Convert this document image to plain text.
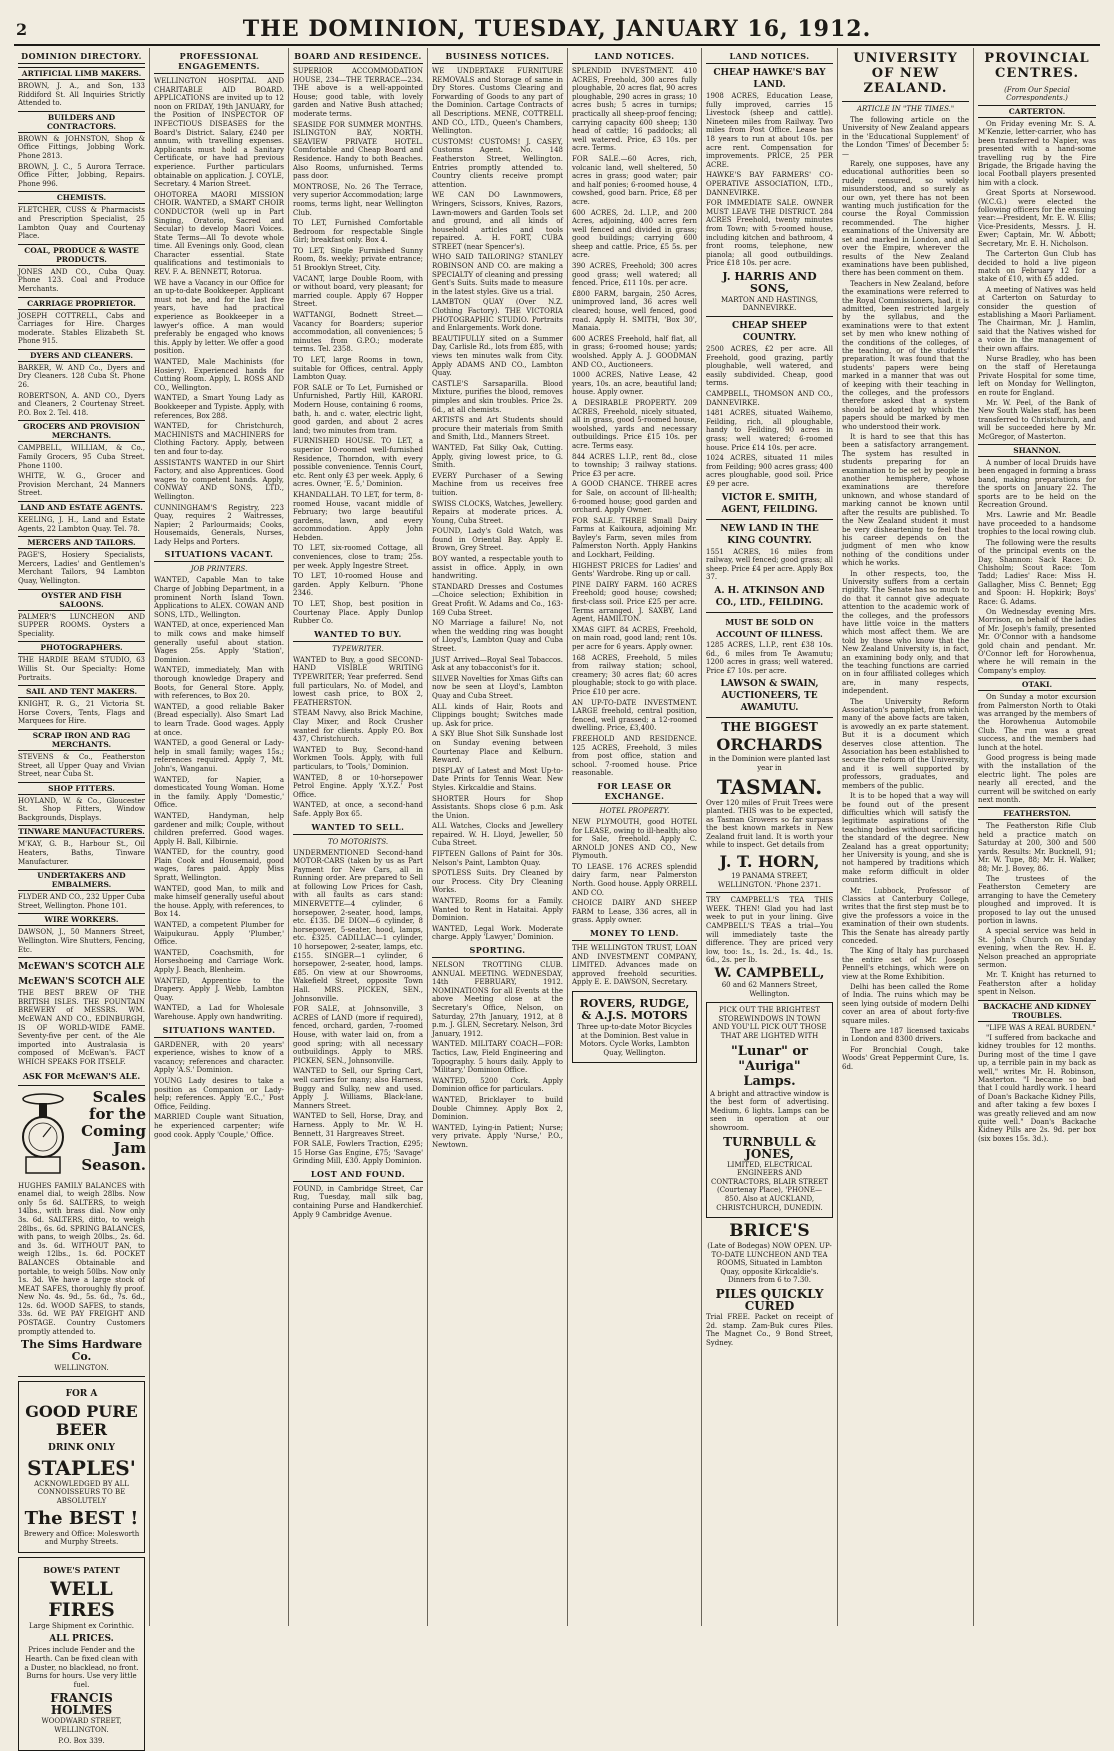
2	THE DOMINION, TUESDAY, JANUARY 16, 1912.
DOMINION DIRECTORY.
ARTIFICIAL LIMB MAKERS.

BROWN, J. A., and Son, 133 Riddiford St. All Inquiries Strictly Attended to.

BUILDERS AND CONTRACTORS.

BROWN & JOHNSTON, Shop & Office Fittings, Jobbing Work. Phone 2813.

BROWN, J. C., 5 Aurora Terrace. Office Fitter, Jobbing, Repairs. Phone 996.

CHEMISTS.

FLETCHER, CUSS & Pharmacists and Prescription Specialist, 25 Lambton Quay and Courtenay Place.

COAL, PRODUCE & WASTE PRODUCTS.

JONES AND CO., Cuba Quay. Phone 123. Coal and Produce Merchants.

CARRIAGE PROPRIETOR.

JOSEPH COTTRELL, Cabs and Carriages for Hire. Charges moderate. Stables Elizabeth St. Phone 915.

DYERS AND CLEANERS.

BARKER, W. AND Co., Dyers and Dry Cleaners. 128 Cuba St. Phone 26.

ROBERTSON, A. AND CO., Dyers and Cleaners, 2 Courtenay Street. P.O. Box 2. Tel. 418.

GROCERS AND PROVISION MERCHANTS.

CAMPBELL, WILLIAM, & Co., Family Grocers, 95 Cuba Street. Phone 1100.

WHITE, W. G., Grocer and Provision Merchant, 24 Manners Street.

LAND AND ESTATE AGENTS.

KEELING, J. H., Land and Estate Agents, 22 Lambton Quay. Tel. 78.

MERCERS AND TAILORS.

PAGE'S, Hosiery Specialists, Mercers, Ladies' and Gentlemen's Merchant Tailors, 94 Lambton Quay, Wellington.

OYSTER AND FISH SALOONS.

PALMER'S LUNCHEON AND SUPPER ROOMS. Oysters a Speciality.

PHOTOGRAPHERS.

THE HARDIE BEAM STUDIO, 63 Willis St. Our Specialty: Home Portraits.

SAIL AND TENT MAKERS.

KNIGHT, R. G., 21 Victoria St. Horse Covers, Tents, Flags and Marquees for Hire.

SCRAP IRON AND RAG MERCHANTS.

STEVENS & Co., Featherston Street, all Upper Quay and Vivian Street, near Cuba St.

SHOP FITTERS.

HOYLAND, W. & Co., Gloucester St. Shop Fitters, Window Backgrounds, Displays.

TINWARE MANUFACTURERS.

M'KAY, G. B., Harbour St., Oil Heaters, Baths, Tinware Manufacturer.

UNDERTAKERS AND EMBALMERS.

FLYDER AND CO., 232 Upper Cuba Street, Wellington. Phone 101.

WIRE WORKERS.

DAWSON, J., 50 Manners Street, Wellington. Wire Shutters, Fencing, Etc.

McEWAN'S SCOTCH ALE
McEWAN'S SCOTCH ALE

THE BEST BREW OF THE BRITISH ISLES. THE FOUNTAIN BREWERY of MESSRS. WM. McEWAN AND CO., EDINBURGH, IS OF WORLD-WIDE FAME. Seventy-five per cent. of the Ale imported into Australasia is composed of McEwan's. FACT WHICH SPEAKS FOR ITSELF.

ASK FOR McEWAN'S ALE.
Scales
for the
Coming
Jam
Season.

HUGHES FAMILY BALANCES with enamel dial, to weigh 28lbs. Now only 5s 6d. SALTERS, to weigh 14lbs., with brass dial. Now only 3s. 6d. SALTERS, ditto, to weigh 28lbs., 6s. 6d. SPRING BALANCES, with pans, to weigh 20lbs., 2s. 6d. and 3s. 6d. WITHOUT PAN, to weigh 12lbs., 1s. 6d. POCKET BALANCES Obtainable and portable, to weigh 50lbs. Now only 1s. 3d. We have a large stock of MEAT SAFES, thoroughly fly proof. New No. 4s. 9d., 5s. 6d., 7s. 6d., 12s. 6d. WOOD SAFES, to stands, 33s. 6d. WE PAY FREIGHT AND POSTAGE. Country Customers promptly attended to.

The Sims Hardware Co.
WELLINGTON.
FOR A
GOOD PURE BEER
DRINK ONLY
STAPLES'

ACKNOWLEDGED BY ALL CONNOISSEURS TO BE ABSOLUTELY

The BEST !

Brewery and Office: Molesworth and Murphy Streets.

BOWE'S PATENT
WELL FIRES
Large Shipment ex Corinthic.
ALL PRICES.

Prices include Fender and the Hearth. Can be fixed clean with a Duster, no blacklead, no front. Burns for hours. Use very little fuel.

FRANCIS HOLMES
WOODWARD STREET, WELLINGTON.
P.O. Box 339.
PROFESSIONAL ENGAGEMENTS.

WELLINGTON HOSPITAL AND CHARITABLE AID BOARD. APPLICATIONS are invited up to 12 noon on FRIDAY, 19th JANUARY, for the Position of INSPECTOR OF INFECTIOUS DISEASES for the Board's District. Salary, £240 per annum, with travelling expenses. Applicants must hold a Sanitary Certificate, or have had previous experience. Further particulars obtainable on application. J. COYLE, Secretary. 4 Marion Street.

OHOTOREA MAORI MISSION CHOIR. WANTED, a SMART CHOIR CONDUCTOR (well up in Part Singing, Oratorio, Sacred and Secular) to develop Maori Voices. State Terms—All To devote whole time. All Evenings only. Good, clean Character essential. State qualifications and testimonials to REV. F. A. BENNETT, Rotorua.

WE have a Vacancy in our Office for an up-to-date Bookkeeper. Applicant must not be, and for the last five years, have had practical experience as Bookkeeper in a lawyer's office. A man would preferably be engaged who knows this. Apply by letter. We offer a good position.

WANTED, Male Machinists (for Hosiery). Experienced hands for Cutting Room. Apply, L. ROSS AND CO., Wellington.

WANTED, a Smart Young Lady as Bookkeeper and Typiste. Apply, with references, Box 288.

WANTED, for Christchurch, MACHINISTS and MACHINERS for Clothing Factory. Apply, between ten and four to-day.

ASSISTANTS WANTED in our Shirt Factory, and also Apprentices. Good wages to competent hands. Apply, CONWAY AND SONS, LTD., Wellington.

CUNNINGHAM'S Registry, 223 Quay, requires 2 Waitresses, Napier; 2 Parlourmaids; Cooks, Housemaids, Generals, Nurses, Lady Helps and Porters.

SITUATIONS VACANT.
JOB PRINTERS.

WANTED, Capable Man to take Charge of Jobbing Department, in a prominent North Island Town. Applications to ALEX. COWAN AND SONS, LTD., Wellington.

WANTED, at once, experienced Man to milk cows and make himself generally useful about station. Wages 25s. Apply 'Station', Dominion.

WANTED, immediately, Man with thorough knowledge Drapery and Boots, for General Store. Apply, with references, to Box 20.

WANTED, a good reliable Baker (Bread especially). Also Smart Lad to learn Trade. Good wages. Apply at once.

WANTED, a good General or Lady-help in small family; wages 15s.; references required. Apply 7, Mt. John's, Wanganui.

WANTED, for Napier, a domesticated Young Woman. Home in the family. Apply 'Domestic,' Office.

WANTED, Handyman, help gardener and milk; Couple, without children preferred. Good wages. Apply H. Ball, Kilbirnie.

WANTED, for the country, good Plain Cook and Housemaid, good wages, fares paid. Apply Miss Spratt, Wellington.

WANTED, good Man, to milk and make himself generally useful about the house. Apply, with references, to Box 14.

WANTED, a competent Plumber for Waipukurau. Apply 'Plumber,' Office.

WANTED, Coachsmith, for Horseshoeing and Carriage Work. Apply J. Beach, Blenheim.

WANTED, Apprentice to the Drapery. Apply J. Webb, Lambton Quay.

WANTED, a Lad for Wholesale Warehouse. Apply own handwriting.

SITUATIONS WANTED.

GARDENER, with 20 years' experience, wishes to know of a vacancy; references and character. Apply 'A.S.' Dominion.

YOUNG Lady desires to take a position as Companion or Lady-help; references. Apply 'E.C.,' Post Office, Feilding.

MARRIED Couple want Situation, he experienced carpenter; wife good cook. Apply 'Couple,' Office.

BOARD AND RESIDENCE.

SUPERIOR ACCOMMODATION HOUSE, 234—THE TERRACE—234. THE above is a well-appointed House; good table, with lovely garden and Native Bush attached; moderate terms.

SEASIDE FOR SUMMER MONTHS. ISLINGTON BAY, NORTH. SEAVIEW PRIVATE HOTEL. Comfortable and Cheap Board and Residence. Handy to both Beaches. Also Rooms, unfurnished. Terms pass door.

MONTROSE, No. 26 The Terrace, very superior Accommodation; large rooms, terms light, near Wellington Club.

TO LET, Furnished Comfortable Bedroom for respectable Single Girl; breakfast only. Box 4.

TO LET, Single Furnished Sunny Room, 8s. weekly; private entrance; 51 Brooklyn Street, City.

VACANT, large Double Room, with or without board, very pleasant; for married couple. Apply 67 Hopper Street.

WATTANGI, Bodnett Street.—Vacancy for Boarders; superior accommodation, all conveniences; 5 minutes from G.P.O.; moderate terms. Tel. 2358.

TO LET, large Rooms in town, suitable for Offices, central. Apply Lambton Quay.

FOR SALE or To Let, Furnished or Unfurnished, Partly Hill, KARORI. Modern House, containing 6 rooms, bath, h. and c. water, electric light, good garden, and about 2 acres land; two minutes from tram.

FURNISHED HOUSE. TO LET, a superior 10-roomed well-furnished Residence, Thorndon, with every possible convenience. Tennis Court, etc. Rent only £3 per week. Apply, 6 acres. Owner, 'E. 5,' Dominion.

KHANDALLAH. TO LET, for term, 8-roomed House, vacant middle of February; two large beautiful gardens, lawn, and every accommodation. Apply John Hebden.

TO LET, six-roomed Cottage, all conveniences, close to tram; 25s. per week. Apply Ingestre Street.

TO LET, 10-roomed House and garden. Apply Kelburn. 'Phone 2346.

TO LET, Shop, best position in Courtenay Place. Apply Dunlop Rubber Co.

WANTED TO BUY.
TYPEWRITER.

WANTED to Buy, a good SECOND-HAND VISIBLE WRITING TYPEWRITER; Year preferred. Send full particulars, No. of Model, and lowest cash price, to BOX 2, FEATHERSTON.

STEAM Navvy, also Brick Machine, Clay Mixer, and Rock Crusher wanted for clients. Apply P.O. Box 437, Christchurch.

WANTED to Buy, Second-hand Workmen Tools. Apply, with full particulars, to 'Tools,' Dominion.

WANTED, 8 or 10-horsepower Petrol Engine. Apply 'X.Y.Z.' Post Office.

WANTED, at once, a second-hand Safe. Apply Box 65.

WANTED TO SELL.
TO MOTORISTS.

UNDERMENTIONED Second-hand MOTOR-CARS (taken by us as Part Payment for New Cars, all in Running order. Are prepared to Sell at following Low Prices for Cash, with all faults as cars stand: MINERVETTE—4 cylinder, 6 horsepower, 2-seater, hood, lamps, etc. £135. DE DION—6 cylinder, 8 horsepower, 5-seater, hood, lamps, etc. £325. CADILLAC—1 cylinder, 10 horsepower, 2-seater, lamps, etc. £155. SINGER—1 cylinder, 6 horsepower, 2-seater, hood, lamps. £85. On view at our Showrooms, Wakefield Street, opposite Town Hall. MRS. PICKEN, SEN., Johnsonville.

FOR SALE, at Johnsonville, 3 ACRES of LAND (more if required), fenced, orchard, garden, 7-roomed House, with water laid on, from a good spring; with all necessary outbuildings. Apply to MRS. PICKEN, SEN., Johnsonville.

WANTED to Sell, our Spring Cart, well carries for many; also Harness, Buggy and Sulky, new and used. Apply J. Williams, Black-lane, Manners Street.

WANTED to Sell, Horse, Dray, and Harness. Apply to Mr. W. H. Bennett, 31 Hargreaves Street.

FOR SALE, Fowlers Traction, £295; 15 Horse Gas Engine, £75; 'Savage' Grinding Mill, £30. Apply Dominion.

LOST AND FOUND.

FOUND, in Cambridge Street, Car Rug, Tuesday, mall silk bag, containing Purse and Handkerchief. Apply 9 Cambridge Avenue.

BUSINESS NOTICES.

WE UNDERTAKE FURNITURE REMOVALS and Storage of same in Dry Stores. Customs Clearing and Forwarding of Goods to any part of the Dominion. Cartage Contracts of all Descriptions. MENE, COTTRELL AND CO., LTD., Queen's Chambers, Wellington.

CUSTOMS! CUSTOMS! J. CASEY, Customs Agent. No. 148 Featherston Street, Wellington. Entries promptly attended to. Country clients receive prompt attention.

WE CAN DO Lawnmowers, Wringers, Scissors, Knives, Razors, Lawn-mowers and Garden Tools set and ground, and all kinds of household articles and tools repaired. A. H. FORT, CUBA STREET (near Spencer's).

WHO SAID TAILORING? STANLEY ROBINSON AND CO. are making a SPECIALTY of cleaning and pressing Gent's Suits. Suits made to measure in the latest styles. Give us a trial.

LAMBTON QUAY (Over N.Z. Clothing Factory). THE VICTORIA PHOTOGRAPHIC STUDIO. Portraits and Enlargements. Work done.

BEAUTIFULLY sited on a Summer Day, Carlisle Rd., lots from £85, with views ten minutes walk from City. Apply ADAMS AND CO., Lambton Quay.

CASTLE'S Sarsaparilla. Blood Mixture, purifies the blood, removes pimples and skin troubles. Price 2s. 6d., at all chemists.

ARTISTS and Art Students should procure their materials from Smith and Smith, Ltd., Manners Street.

WANTED, Fat Silky Oak, Cutting. Apply, giving lowest price, to G. Smith.

EVERY Purchaser of a Sewing Machine from us receives free tuition.

SWISS CLOCKS, Watches, Jewellery. Repairs at moderate prices. A. Young, Cuba Street.

FOUND, Lady's Gold Watch, was found in Oriental Bay. Apply E. Brown, Grey Street.

BOY wanted, a respectable youth to assist in office. Apply, in own handwriting.

STANDARD Dresses and Costumes—Choice selection; Exhibition in Great Profit. W. Adams and Co., 163-169 Cuba Street.

NO Marriage a failure! No, not when the wedding ring was bought of Lloyd's, Lambton Quay and Cuba Street.

JUST Arrived—Royal Seal Tobaccos. Ask at any tobacconist's for it.

SILVER Novelties for Xmas Gifts can now be seen at Lloyd's, Lambton Quay and Cuba Street.

ALL kinds of Hair, Roots and Clippings bought; Switches made up. Ask for price.

A SKY Blue Shot Silk Sunshade lost on Sunday evening between Courtenay Place and Kelburn. Reward.

DISPLAY of Latest and Most Up-to-Date Prints for Tennis Wear. New Styles. Kirkcaldie and Stains.

SHORTER Hours for Shop Assistants. Shops close 6 p.m. Ask the Union.

ALL Watches, Clocks and Jewellery repaired. W. H. Lloyd, Jeweller, 50 Cuba Street.

FIFTEEN Gallons of Paint for 30s. Nelson's Paint, Lambton Quay.

SPOTLESS Suits. Dry Cleaned by our Process. City Dry Cleaning Works.

WANTED, Rooms for a Family. Wanted to Rent in Hataitai. Apply Dominion.

WANTED, Legal Work. Moderate charge. Apply 'Lawyer,' Dominion.

SPORTING.

NELSON TROTTING CLUB. ANNUAL MEETING. WEDNESDAY, 14th FEBRUARY, 1912. NOMINATIONS for all Events at the above Meeting close at the Secretary's Office, Nelson, on Saturday, 27th January, 1912, at 8 p.m. J. GLEN, Secretary. Nelson, 3rd January, 1912.

WANTED. MILITARY COACH—FOR: Tactics, Law, Field Engineering and Topography. 5 hours daily. Apply to 'Military,' Dominion Office.

WANTED, 5200 Cork. Apply Dominion office for particulars.

WANTED, Bricklayer to build Double Chimney. Apply Box 2, Dominion.

WANTED, Lying-in Patient; Nurse; very private. Apply 'Nurse,' P.O., Newtown.

LAND NOTICES.

SPLENDID INVESTMENT. 410 ACRES, Freehold, 300 acres fully ploughable, 20 acres flat, 90 acres ploughable, 290 acres in grass; 10 acres bush; 5 acres in turnips; practically all sheep-proof fencing; carrying capacity 600 sheep; 130 head of cattle; 16 paddocks; all well watered. Price, £3 10s. per acre. Terms.

FOR SALE.—60 Acres, rich, volcanic land, well sheltered, 50 acres in grass; good water; pair and half ponies; 6-roomed house, 4 cowshed, good barn. Price, £8 per acre.

600 ACRES, 2d. L.I.P., and 200 Acres, adjoining, 400 acres fern well fenced and divided in grass; good buildings; carrying 600 sheep and cattle. Price, £5 5s. per acre.

390 ACRES, Freehold; 300 acres good grass; well watered; all fenced. Price, £11 10s. per acre.

£800 FARM, bargain, 250 Acres, unimproved land, 36 acres well cleared; house, well fenced, good road. Apply H. SMITH, 'Box 30', Manaia.

600 ACRES Freehold, half flat, all in grass; 6-roomed house; yards; woolshed. Apply A. J. GOODMAN AND CO., Auctioneers.

1000 ACRES, Native Lease, 42 years, 10s. an acre, beautiful land; house. Apply owner.

A DESIRABLE PROPERTY. 209 ACRES, Freehold, nicely situated, all in grass, good 5-roomed house, woolshed, yards and necessary outbuildings. Price £15 10s. per acre. Terms easy.

844 ACRES L.I.P., rent 8d., close to township; 3 railway stations. Price £3 per acre.

A GOOD CHANCE. THREE acres for Sale, on account of Ill-health; 6-roomed house; good garden and orchard. Apply Owner.

FOR SALE. THREE Small Dairy Farms at Kaikoura, adjoining Mr. Bayley's Farm, seven miles from Palmerston North. Apply Hankins and Lockhart, Feilding.

HIGHEST PRICES for Ladies' and Gents' Wardrobe. Ring up or call.

PINE DAIRY FARM. 160 ACRES Freehold; good house; cowshed; first-class soil. Price £25 per acre. Terms arranged. J. SAXBY, Land Agent, HAMILTON.

XMAS GIFT. 84 ACRES, Freehold, on main road, good land; rent 10s. per acre for 6 years. Apply owner.

168 ACRES, Freehold, 5 miles from railway station; school, creamery; 30 acres flat; 60 acres ploughable; stock to go with place. Price £10 per acre.

AN UP-TO-DATE INVESTMENT. LARGE freehold, central position, fenced, well grassed; a 12-roomed dwelling. Price, £3,400.

FREEHOLD AND RESIDENCE. 125 ACRES, Freehold, 3 miles from post office, station and school. 7-roomed house. Price reasonable.

FOR LEASE OR EXCHANGE.
HOTEL PROPERTY.

NEW PLYMOUTH, good HOTEL for LEASE, owing to ill-health; also for Sale, freehold. Apply C. ARNOLD JONES AND CO., New Plymouth.

TO LEASE. 176 ACRES splendid dairy farm, near Palmerston North. Good house. Apply ORRELL AND CO.

CHOICE DAIRY AND SHEEP FARM to Lease, 336 acres, all in grass. Apply owner.

MONEY TO LEND.

THE WELLINGTON TRUST, LOAN AND INVESTMENT COMPANY, LIMITED. Advances made on approved freehold securities. Apply E. E. DAWSON, Secretary.

ROVERS, RUDGE, & A.J.S. MOTORS

Three up-to-date Motor Bicycles at the Dominion. Best value in Motors. Cycle Works, Lambton Quay, Wellington.

LAND NOTICES.
CHEAP HAWKE'S BAY LAND.

1908 ACRES, Education Lease, fully improved, carries 15 Livestock (sheep and cattle). Nineteen miles from Railway. Two miles from Post Office. Lease has 18 years to run at about 10s. per acre rent. Compensation for improvements. PRICE, 25 PER ACRE.

HAWKE'S BAY FARMERS' CO-OPERATIVE ASSOCIATION, LTD., DANNEVIRKE.

FOR IMMEDIATE SALE. OWNER MUST LEAVE THE DISTRICT. 284 ACRES Freehold, twenty minutes from Town; with 5-roomed house, including kitchen and bathroom, 4 front rooms, telephone, new pianola; all good outbuildings. Price £18 10s. per acre.

J. HARRIS AND SONS,
MARTON AND HASTINGS, DANNEVIRKE.
CHEAP SHEEP COUNTRY.

2500 ACRES, £2 per acre. All Freehold, good grazing, partly ploughable, well watered, and easily subdivided. Cheap, good terms.

CAMPBELL, THOMSON AND CO., DANNEVIRKE.

1481 ACRES, situated Waihemo, Feilding, rich, all ploughable, handy to Feilding, 90 acres in grass; well watered; 6-roomed house. Price £14 10s. per acre.

1024 ACRES, situated 11 miles from Feilding; 900 acres grass; 400 acres ploughable, good soil. Price £9 per acre.

VICTOR E. SMITH, AGENT, FEILDING.
NEW LAND IN THE KING COUNTRY.

1551 ACRES, 16 miles from railway, well fenced; good grass; all sheep. Price £4 per acre. Apply Box 37.

A. H. ATKINSON AND CO., LTD., FEILDING.
MUST BE SOLD ON ACCOUNT OF ILLNESS.

1285 ACRES, L.I.P., rent £38 10s. 6d., 6 miles from Te Awamutu; 1200 acres in grass; well watered. Price £7 10s. per acre.

LAWSON & SWAIN, AUCTIONEERS, TE AWAMUTU.
THE BIGGEST
ORCHARDS
in the Dominion were planted last year in
TASMAN.

Over 120 miles of Fruit Trees were planted. THIS was to be expected, as Tasman Growers so far surpass the best known markets in New Zealand fruit land. It is worth your while to inspect. Get details from

J. T. HORN,
19 PANAMA STREET, WELLINGTON. 'Phone 2371.

TRY CAMPBELL'S TEA THIS WEEK. THEN! Glad you had last week to put in your lining. Give CAMPBELL'S TEAS a trial—You will immediately taste the difference. They are priced very low, too: 1s., 1s. 2d., 1s. 4d., 1s. 6d., 2s. per lb.

W. CAMPBELL,
60 and 62 Manners Street, Wellington.

PICK OUT THE BRIGHTEST STOREWINDOWS IN TOWN AND YOU'LL PICK OUT THOSE THAT ARE LIGHTED WITH

"Lunar" or "Auriga" Lamps.

A bright and attractive window is the best form of advertising. Medium, 6 lights. Lamps can be seen in operation at our showroom.

TURNBULL & JONES,

LIMITED, ELECTRICAL ENGINEERS AND CONTRACTORS, BLAIR STREET (Courtenay Place), 'PHONE—850. Also at AUCKLAND, CHRISTCHURCH, DUNEDIN.

BRICE'S

(Late of Bodegas) NOW OPEN. UP-TO-DATE LUNCHEON AND TEA ROOMS, Situated in Lambton Quay, opposite Kirkcaldie's. Dinners from 6 to 7.30.

PILES QUICKLY CURED

Trial FREE. Packet on receipt of 2d. stamp. Zam-Buk cures Piles. The Magnet Co., 9 Bond Street, Sydney.

UNIVERSITY OF NEW ZEALAND.
ARTICLE IN "THE TIMES."

The following article on the University of New Zealand appears in the 'Educational Supplement' of the London 'Times' of December 5:—

Rarely, one supposes, have any educational authorities been so rudely censured, so widely misunderstood, and so surely as our own, yet there has not been wanting much justification for the course the Royal Commission recommended. The higher examinations of the University are set and marked in London, and all over the Empire, wherever the results of the New Zealand examinations have been published, there has been comment on them.

Teachers in New Zealand, before the examinations were referred to the Royal Commissioners, had, it is admitted, been restricted largely by the syllabus, and the examinations were to that extent set by men who knew nothing of the conditions of the colleges, of the teaching, or of the students' preparation. It was found that the students' papers were being marked in a manner that was out of keeping with their teaching in the colleges, and the professors therefore asked that a system should be adopted by which the papers should be marked by men who understood their work.

It is hard to see that this has been a satisfactory arrangement. The system has resulted in students preparing for an examination to be set by people in another hemisphere, whose examinations are therefore unknown, and whose standard of marking cannot be known until after the results are published. To the New Zealand student it must be very disheartening to feel that his career depends on the judgment of men who know nothing of the conditions under which he works.

In other respects, too, the University suffers from a certain rigidity. The Senate has so much to do that it cannot give adequate attention to the academic work of the colleges, and the professors have little voice in the matters which most affect them. We are told by those who know that the New Zealand University is, in fact, an examining body only, and that the teaching functions are carried on in four affiliated colleges which are, in many respects, independent.

The University Reform Association's pamphlet, from which many of the above facts are taken, is avowedly an ex parte statement. But it is a document which deserves close attention. The Association has been established to secure the reform of the University, and it is well supported by professors, graduates, and members of the public.

It is to be hoped that a way will be found out of the present difficulties which will satisfy the legitimate aspirations of the teaching bodies without sacrificing the standard of the degree. New Zealand has a great opportunity; her University is young, and she is not hampered by traditions which make reform difficult in older countries.

Mr. Lubbock, Professor of Classics at Canterbury College, writes that the first step must be to give the professors a voice in the examination of their own students. This the Senate has already partly conceded.

The King of Italy has purchased the entire set of Mr. Joseph Pennell's etchings, which were on view at the Rome Exhibition.

Delhi has been called the Rome of India. The ruins which may be seen lying outside of modern Delhi cover an area of about forty-five square miles.

There are 187 licensed taxicabs in London and 8300 drivers.

For Bronchial Cough, take Woods' Great Peppermint Cure, 1s. 6d.

PROVINCIAL CENTRES.
(From Our Special Correspondents.)
CARTERTON.

On Friday evening Mr. S. A. M'Kenzie, letter-carrier, who has been transferred to Napier, was presented with a hand-some travelling rug by the Fire Brigade, the Brigade having the local Football players presented him with a clock.

Great Sports at Norsewood. (W.C.G.) were elected the following officers for the ensuing year:—President, Mr. E. W. Ellis; Vice-Presidents, Messrs. J. H. Ewer; Captain, Mr. W. Abbott; Secretary, Mr. E. H. Nicholson.

The Carterton Gun Club has decided to hold a live pigeon match on February 12 for a stake of £10, with £5 added.

A meeting of Natives was held at Carterton on Saturday to consider the question of establishing a Maori Parliament. The Chairman, Mr. J. Hamlin, said that the Natives wished for a voice in the management of their own affairs.

Nurse Bradley, who has been on the staff of Heretaunga Private Hospital for some time, left on Monday for Wellington, en route for England.

Mr. W. Peel, of the Bank of New South Wales staff, has been transferred to Christchurch, and will be succeeded here by Mr. McGregor, of Masterton.

SHANNON.

A number of local Druids have been engaged in forming a brass band, making preparations for the sports on January 22. The sports are to be held on the Recreation Ground.

Mrs. Lawrie and Mr. Beadle have proceeded to a handsome trophies to the local rowing club.

The following were the results of the principal events on the Day, Shannon: Sack Race: D. Chisholm; Scout Race: Tom Tadd; Ladies' Race: Miss H. Gallagher, Miss C. Bennet; Egg and Spoon: H. Hopkirk; Boys' Race: G. Adams.

On Wednesday evening Mrs. Morrison, on behalf of the ladies of Mr. Joseph's family, presented Mr. O'Connor with a handsome gold chain and pendant. Mr. O'Connor left for Horowhenua, where he will remain in the Company's employ.

OTAKI.

On Sunday a motor excursion from Palmerston North to Otaki was arranged by the members of the Horowhenua Automobile Club. The run was a great success, and the members had lunch at the hotel.

Good progress is being made with the installation of the electric light. The poles are nearly all erected, and the current will be switched on early next month.

FEATHERSTON.

The Featherston Rifle Club held a practice match on Saturday at 200, 300 and 500 yards. Results: Mr. Bucknell, 91; Mr. W. Tupe, 88; Mr. H. Walker, 88; Mr. J. Bovey, 86.

The trustees of the Featherston Cemetery are arranging to have the Cemetery ploughed and improved. It is proposed to lay out the unused portion in lawns.

A special service was held in St. John's Church on Sunday evening, when the Rev. H. E. Nelson preached an appropriate sermon.

Mr. T. Knight has returned to Featherston after a holiday spent in Nelson.

BACKACHE AND KIDNEY TROUBLES.

"LIFE WAS A REAL BURDEN."

"I suffered from backache and kidney troubles for 12 months. During most of the time I gave up, a terrible pain in my back as well," writes Mr. H. Robinson, Masterton. "I became so bad that I could hardly work. I heard of Doan's Backache Kidney Pills, and after taking a few boxes I was greatly relieved and am now quite well." Doan's Backache Kidney Pills are 2s. 9d. per box (six boxes 15s. 3d.).
